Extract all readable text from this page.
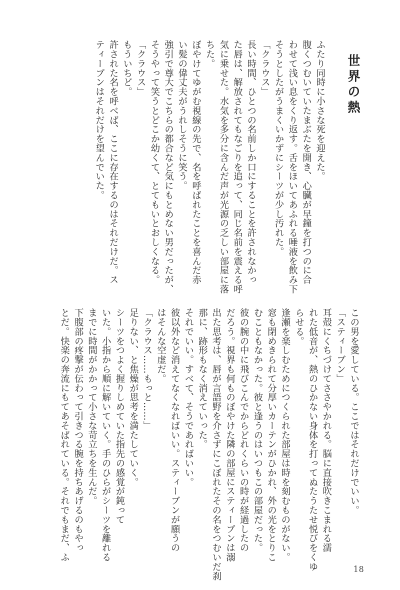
世界の熱

ふたり同時に小さな死を迎えた。
腹くつむいていたまぶたを開き、心臓が早鐘を打つのに合
わせて浅い息をくり返す。舌をほいてあふれる唾液を飲み下
そうとしたがうまくいかずにシーツが少し汚れた。
「クラウス」
長い時間、ひとつの名前しか口にすることを許されなかっ
た唇は、解放されてもなごりを追って、同じ名前を震える呼
気に乗せた。水気を多分に含んだ声が光源の乏しい部屋に落
ちた。
ぼやけてゆがむ視線の先で、名を呼ばれたことを喜んだ赤
い髪の偉丈夫がうれしそうに笑う。
強引で尊大でこちらの都合など気にもとめない男だったが、
そうやって笑うとどこか幼くて、とてもいとおしくなる。
「クラウス」
もういちど。
許された名を呼べば、ここに存在するのはそれだけだ。ス
ティーブンはそれだけを望んでいた。

この男を愛している。ここではそれだけでいい。
「スティーブン」
耳殻にくちづけてささやかれる。脳に直接吹きこまれる濡
れた低音が、熱のひかない身体を打ってぬたうたせ悦びをくゆ
らせる。
逢瀬を楽しむためにつくられた部屋は時を刻むものがない。
窓も閉めきられて分厚いカーテンがひかれ、外の光をとりこ
むこともなかった。彼と逢うのはいつもこの部屋だった。
彼の腕の中に飛びこんでからどれくらいの時が経過したの
だろう。視界も何ものぼやけた隣の部屋にスティーブンは溺
出た思考は、唇が言語野を介さずにこぼれたその名をつむいだ刹
那に、跡形もなく消えていった。
それでいい。すべて、そうであればいい。
彼以外など消えてなくなればいい。スティーブンが願うの
はそんな空虚だ。
「クラウス……もっと……」
足りない、と焦燥が思考を満たしていく。
シーツをつよく握りしめていた指先の感覚が鈍って
いた。小指から順に解いていく。手のひらがシーツを離れる
までに時間がかかって小さな苛立ちを生んだ。
下腹部の疼撃が伝わって引きつる腕を持ちあげるのもやっ
とだ。快楽の奔流にもてあそばれている。それでもまだ、ふ

18
